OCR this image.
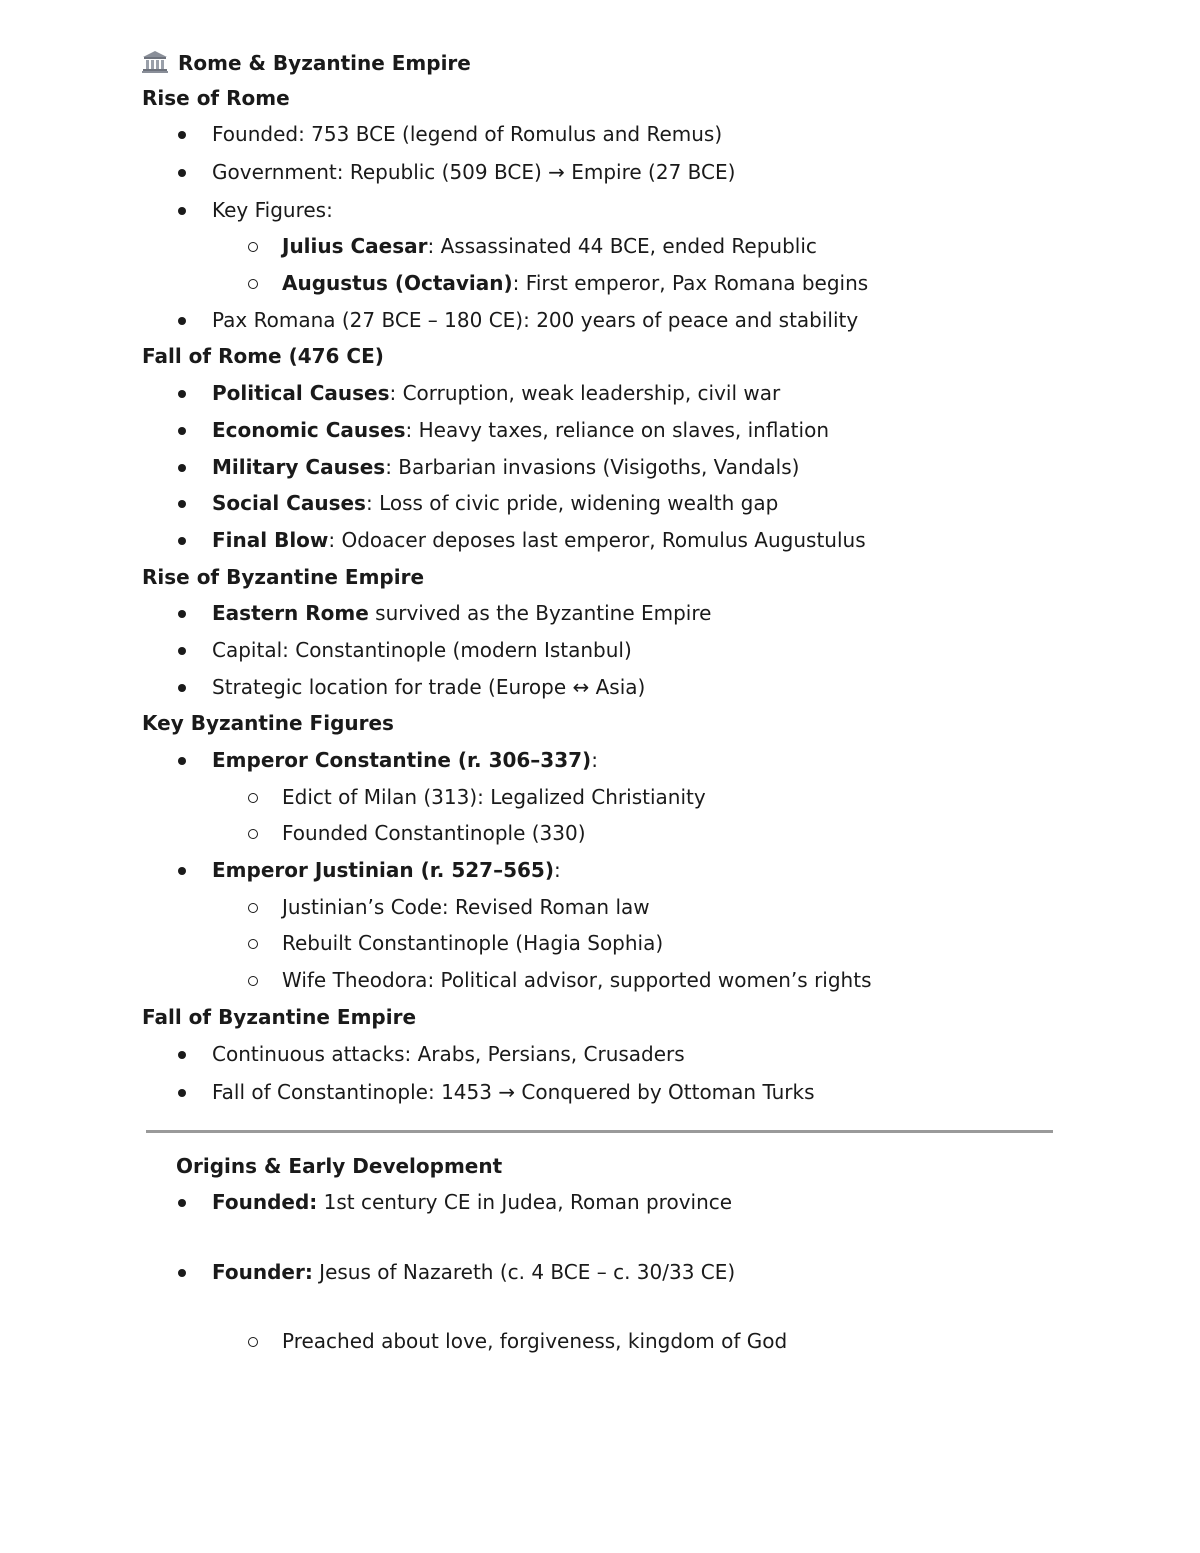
Rome & Byzantine Empire
Rise of Rome
Founded: 753 BCE (legend of Romulus and Remus)
Government: Republic (509 BCE) → Empire (27 BCE)
Key Figures:
Julius Caesar: Assassinated 44 BCE, ended Republic
Augustus (Octavian): First emperor, Pax Romana begins
Pax Romana (27 BCE – 180 CE): 200 years of peace and stability
Fall of Rome (476 CE)
Political Causes: Corruption, weak leadership, civil war
Economic Causes: Heavy taxes, reliance on slaves, inflation
Military Causes: Barbarian invasions (Visigoths, Vandals)
Social Causes: Loss of civic pride, widening wealth gap
Final Blow: Odoacer deposes last emperor, Romulus Augustulus
Rise of Byzantine Empire
Eastern Rome survived as the Byzantine Empire
Capital: Constantinople (modern Istanbul)
Strategic location for trade (Europe ↔ Asia)
Key Byzantine Figures
Emperor Constantine (r. 306–337):
Edict of Milan (313): Legalized Christianity
Founded Constantinople (330)
Emperor Justinian (r. 527–565):
Justinian’s Code: Revised Roman law
Rebuilt Constantinople (Hagia Sophia)
Wife Theodora: Political advisor, supported women’s rights
Fall of Byzantine Empire
Continuous attacks: Arabs, Persians, Crusaders
Fall of Constantinople: 1453 → Conquered by Ottoman Turks
Origins & Early Development
Founded: 1st century CE in Judea, Roman province
Founder: Jesus of Nazareth (c. 4 BCE – c. 30/33 CE)
Preached about love, forgiveness, kingdom of God
